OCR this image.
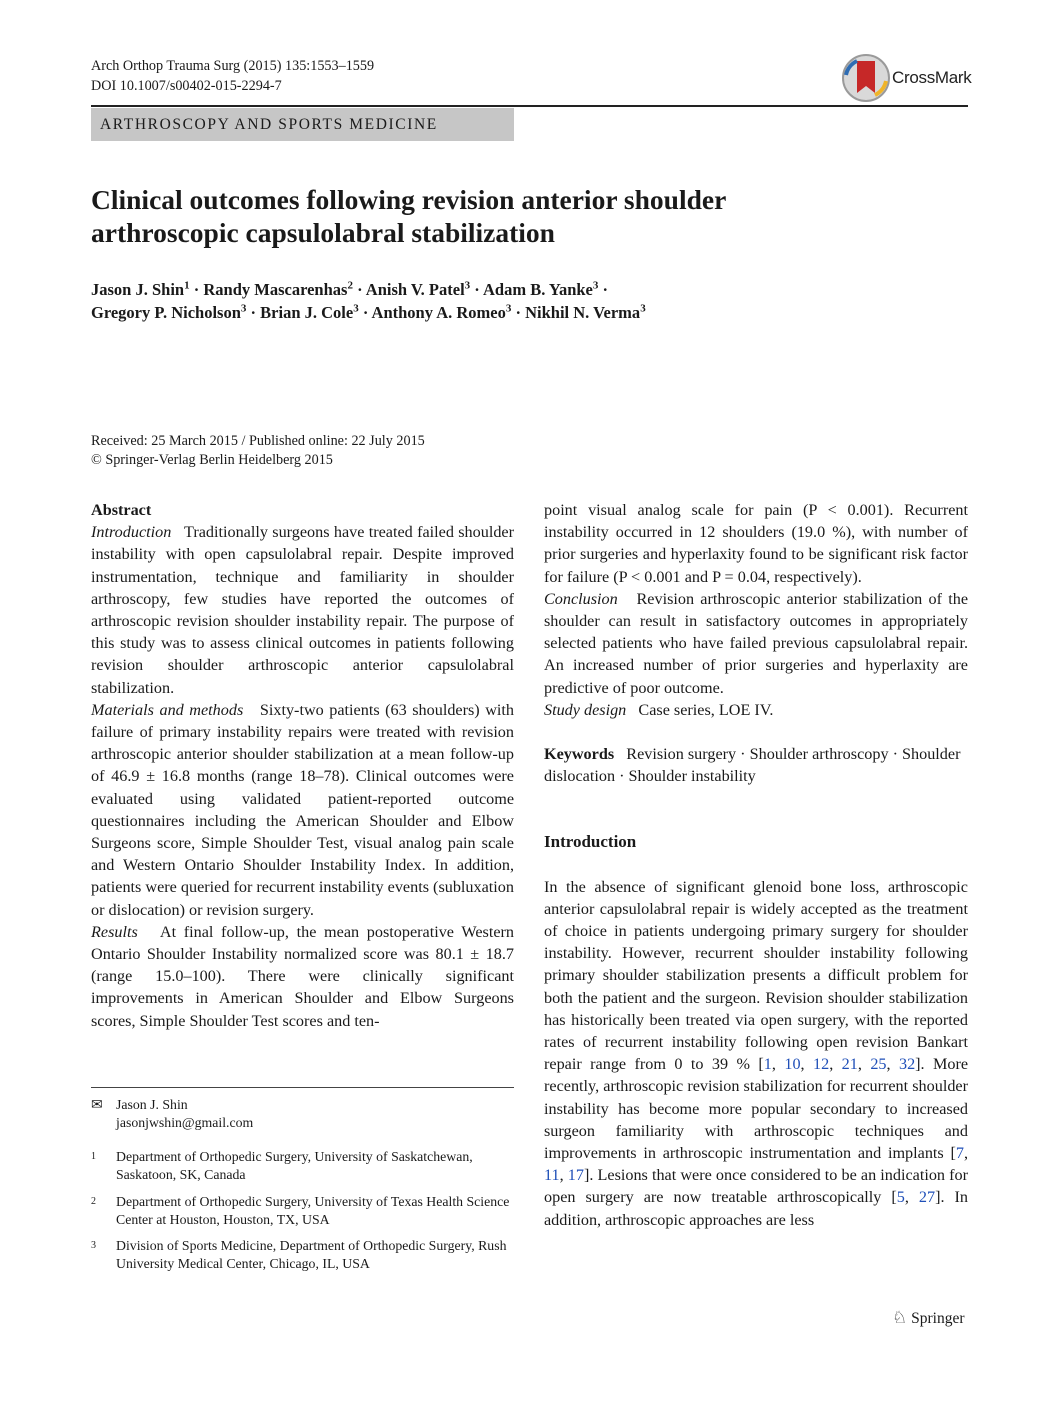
Arch Orthop Trauma Surg (2015) 135:1553–1559
DOI 10.1007/s00402-015-2294-7	CrossMark
ARTHROSCOPY AND SPORTS MEDICINE
Clinical outcomes following revision anterior shoulder arthroscopic capsulolabral stabilization
Jason J. Shin$^1$ · Randy Mascarenhas$^2$ · Anish V. Patel$^3$ · Adam B. Yanke$^3$ ·
Gregory P. Nicholson$^3$ · Brian J. Cole$^3$ · Anthony A. Romeo$^3$ · Nikhil N. Verma$^3$
Received: 25 March 2015 / Published online: 22 July 2015
© Springer-Verlag Berlin Heidelberg 2015
Abstract
Introduction Traditionally surgeons have treated failed shoulder instability with open capsulolabral repair. Despite improved instrumentation, technique and familiarity in shoulder arthroscopy, few studies have reported the outcomes of arthroscopic revision shoulder instability repair. The purpose of this study was to assess clinical outcomes in patients following revision shoulder arthroscopic anterior capsulolabral stabilization.
Materials and methods Sixty-two patients (63 shoulders) with failure of primary instability repairs were treated with revision arthroscopic anterior shoulder stabilization at a mean follow-up of 46.9 ± 16.8 months (range 18–78). Clinical outcomes were evaluated using validated patient-reported outcome questionnaires including the American Shoulder and Elbow Surgeons score, Simple Shoulder Test, visual analog pain scale and Western Ontario Shoulder Instability Index. In addition, patients were queried for recurrent instability events (subluxation or dislocation) or revision surgery.
Results At final follow-up, the mean postoperative Western Ontario Shoulder Instability normalized score was 80.1 ± 18.7 (range 15.0–100). There were clinically significant improvements in American Shoulder and Elbow Surgeons scores, Simple Shoulder Test scores and ten-
✉ Jason J. Shin
jasonjwshin@gmail.com
1 Department of Orthopedic Surgery, University of Saskatchewan, Saskatoon, SK, Canada
2 Department of Orthopedic Surgery, University of Texas Health Science Center at Houston, Houston, TX, USA
3 Division of Sports Medicine, Department of Orthopedic Surgery, Rush University Medical Center, Chicago, IL, USA
point visual analog scale for pain (P < 0.001). Recurrent instability occurred in 12 shoulders (19.0 %), with number of prior surgeries and hyperlaxity found to be significant risk factor for failure (P < 0.001 and P = 0.04, respectively).
Conclusion Revision arthroscopic anterior stabilization of the shoulder can result in satisfactory outcomes in appropriately selected patients who have failed previous capsulolabral repair. An increased number of prior surgeries and hyperlaxity are predictive of poor outcome.
Study design Case series, LOE IV.
Keywords Revision surgery · Shoulder arthroscopy · Shoulder dislocation · Shoulder instability
Introduction
In the absence of significant glenoid bone loss, arthroscopic anterior capsulolabral repair is widely accepted as the treatment of choice in patients undergoing primary surgery for shoulder instability. However, recurrent shoulder instability following primary shoulder stabilization presents a difficult problem for both the patient and the surgeon. Revision shoulder stabilization has historically been treated via open surgery, with the reported rates of recurrent instability following open revision Bankart repair range from 0 to 39 % [1, 10, 12, 21, 25, 32]. More recently, arthroscopic revision stabilization for recurrent shoulder instability has become more popular secondary to increased surgeon familiarity with arthroscopic techniques and improvements in arthroscopic instrumentation and implants [7, 11, 17]. Lesions that were once considered to be an indication for open surgery are now treatable arthroscopically [5, 27]. In addition, arthroscopic approaches are less
♘ Springer
